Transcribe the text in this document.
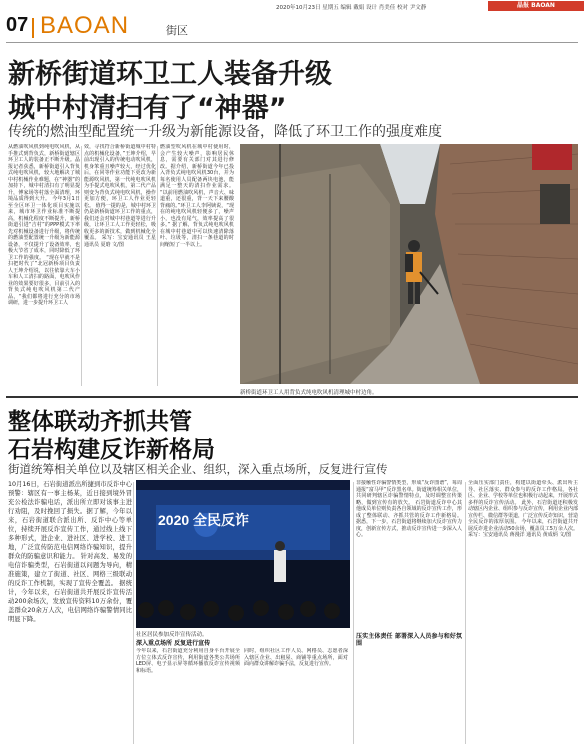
2020年10月23日 星期五 编辑 戴娟 设计 肖美佳 校对 尹文静	晶报 BAOAN
07 BAOAN	街区
新桥街道环卫工人装备升级
城中村清扫有了“神器”
传统的燃油型配置统一升级为新能源设备，降低了环卫工作的强度难度
从燃油吹风机到纯电吹风机，从手推式到背负式，新桥街道辖区环卫工人的装备正不断升级。晶报记者获悉，新桥街道引入背负式纯电吹风机，较大地解决了城中村机械作业难题，在“神器”的加持下，城中村清扫有了明显提升，傅家场等村落全面清理，环境品质得到大升。 今年3月1日至全区环卫一体化项目实施以来，城市环卫作业标准不断提高，机械化程度不断提升，新桥街道引进“吉村”的PPP模式下率先对机械设备进行升级，将传统的燃油型配置统一升级为新能源设备，不仅提升了设备效率，也极大节省了成本，同时降低了环卫工作的强度。 “现在早就不是扫把时代了”北冠新桥项目负责人王坤介绍说，以往依靠大车小车和人工清扫的路面，电吹风作业的效果要好很多，目前引入的背负式纯电吹风机第二代产品，“我们都将进行充分的市场调研，进一步提升环卫工人
效，寻找符合新桥街道城中村特点的机械化设备，”王坤介绍，早前出现引入的传统电动吹风机，机身笨重且噪声较大，经过优化后，在同等作业功能下更改为新能源吹风机，第一代纯电吹风机为手提式电吹风机，第二代产品则变为背负式纯电吹风机，操作更加方便，环卫工人作业更轻松。 值得一提的是，城中村环卫仍是新桥街道环卫工作的重点，我们还会对城中村巷道等进行升级，让环卫工人工作更轻松，吸收更多的新技术，做到机械化全覆盖。 采写：宝安通讯员 王星 通讯员 夏晗 文/图
燃油型吹风机在城中村使用时，会产生较大噪声，影响居民休息，需要有关部门对其进行修改。据介绍，新桥街道今年已投入背负式纯电吹风机30台，并为每名使用人员配备两块电池，能满足一整天的清扫作业需求。 “以前用燃油吹风机，声音大、味道重，还很重，背一天下来腰酸背痛的。”环卫工人李阿姨说，“现在的纯电吹风机轻便多了，噪声小，也没有尾气，效率提高了很多。” 据了解，背负式纯电吹风机在城中村巷道中可以快速清除落叶、垃圾等，清扫一条巷道的时间缩短了一半以上。
新桥街道环卫工人用背负式纯电吹风机清理城中村边角。
整体联动齐抓共管
石岩构建反诈新格局
街道统筹相关单位以及辖区相关企业、组织，深入重点场所，反复进行宣传
10月16日，石岩街道派出所捷到市反诈中心预警：辖区有一事主杨某，近日接到境外冒充公检法诈骗电话，派出所立即对该事主进行劝阻，及时挽回了损失。据了解，今年以来，石岩街道联合派出所、反诈中心等单位，持续开展反诈宣传工作，通过线上线下多种形式，进企业、进社区、进学校、进工地，广泛宣传防范电信网络诈骗知识，提升群众的防骗意识和能力。 针对高发、易发的电信诈骗类型，石岩街道以问题为导向，精准施策，建立了街道、社区、网格三级联动的反诈工作机制，实现了宣传全覆盖。 据统计，今年以来，石岩街道共开展反诈宣传活动200余场次，发放宣传资料10万余份，覆盖群众20余万人次，电信网络诈骗警情同比明显下降。
2020 全民反诈
社区居民参加反诈宣传活动。
深入重点场所 反复进行宣传
今年以来，石岩街道充分利用自身平台开展全方位立体式反诈宣传，利用街道各类公共场所LED屏、电子显示屏等循环播放反诈宣传视频和标语。
同时，组织社区工作人员、网格员、志愿者深入辖区企业、出租屋、商铺等重点场所，面对面向群众讲解诈骗手法，反复进行宣传。
非接触性诈骗警情类型，形成“反诈图谱”，每周通报“富马甲”反诈黑名单。街道统筹相关单位，共同研判辖区诈骗警情特点，及时调整宣传策略，做到宣传有的放矢。 石岩街道反诈中心其他成员单位则负责各自领域的反诈宣传工作，形成了整体联动、齐抓共管的反诈工作新格局。 据悉，下一步，石岩街道将继续加大反诈宣传力度，创新宣传方式，推动反诈宣传进一步深入人心。
压实主体责任 部署深入人员参与和好氛围
全面压实部门责任，构建以街道牵头、派出所主导、社区落实、群众参与的反诈工作格局。各社区、企业、学校等单位也积极行动起来，开展形式多样的反诈宣传活动。 此外，石岩街道还积极发动辖区内企业、组织参与反诈宣传，利用企业内部宣传栏、微信群等渠道，广泛宣传反诈知识，营造全民反诈的浓厚氛围。 今年以来，石岩街道共开展反诈进企业活动50余场，覆盖员工5万余人次。 采写：宝安通讯员 蒋漫洋 通讯员 黄成炳 文/图
